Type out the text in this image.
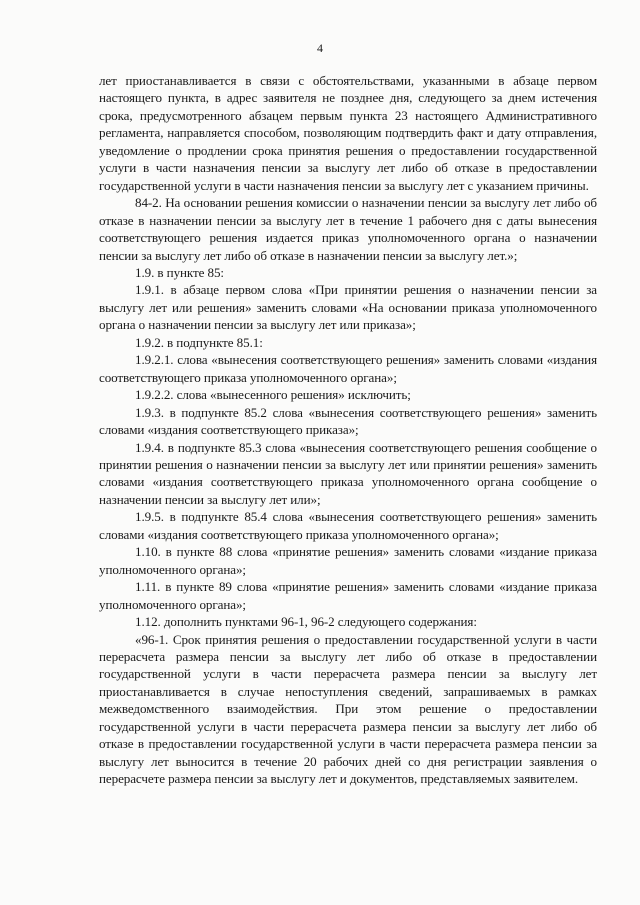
4

лет приостанавливается в связи с обстоятельствами, указанными в абзаце первом настоящего пункта, в адрес заявителя не позднее дня, следующего за днем истечения срока, предусмотренного абзацем первым пункта 23 настоящего Административного регламента, направляется способом, позволяющим подтвердить факт и дату отправления, уведомление о продлении срока принятия решения о предоставлении государственной услуги в части назначения пенсии за выслугу лет либо об отказе в предоставлении государственной услуги в части назначения пенсии за выслугу лет с указанием причины.

84-2. На основании решения комиссии о назначении пенсии за выслугу лет либо об отказе в назначении пенсии за выслугу лет в течение 1 рабочего дня с даты вынесения соответствующего решения издается приказ уполномоченного органа о назначении пенсии за выслугу лет либо об отказе в назначении пенсии за выслугу лет.»;

1.9. в пункте 85:

1.9.1. в абзаце первом слова «При принятии решения о назначении пенсии за выслугу лет или решения» заменить словами «На основании приказа уполномоченного органа о назначении пенсии за выслугу лет или приказа»;

1.9.2. в подпункте 85.1:

1.9.2.1. слова «вынесения соответствующего решения» заменить словами «издания соответствующего приказа уполномоченного органа»;

1.9.2.2. слова «вынесенного решения» исключить;

1.9.3. в подпункте 85.2 слова «вынесения соответствующего решения» заменить словами «издания соответствующего приказа»;

1.9.4. в подпункте 85.3 слова «вынесения соответствующего решения сообщение о принятии решения о назначении пенсии за выслугу лет или принятии решения» заменить словами «издания соответствующего приказа уполномоченного органа сообщение о назначении пенсии за выслугу лет или»;

1.9.5. в подпункте 85.4 слова «вынесения соответствующего решения» заменить словами «издания соответствующего приказа уполномоченного органа»;

1.10. в пункте 88 слова «принятие решения» заменить словами «издание приказа уполномоченного органа»;

1.11. в пункте 89 слова «принятие решения» заменить словами «издание приказа уполномоченного органа»;

1.12. дополнить пунктами 96-1, 96-2 следующего содержания:

«96-1. Срок принятия решения о предоставлении государственной услуги в части перерасчета размера пенсии за выслугу лет либо об отказе в предоставлении государственной услуги в части перерасчета размера пенсии за выслугу лет приостанавливается в случае непоступления сведений, запрашиваемых в рамках межведомственного взаимодействия. При этом решение о предоставлении государственной услуги в части перерасчета размера пенсии за выслугу лет либо об отказе в предоставлении государственной услуги в части перерасчета размера пенсии за выслугу лет выносится в течение 20 рабочих дней со дня регистрации заявления о перерасчете размера пенсии за выслугу лет и документов, представляемых заявителем.
